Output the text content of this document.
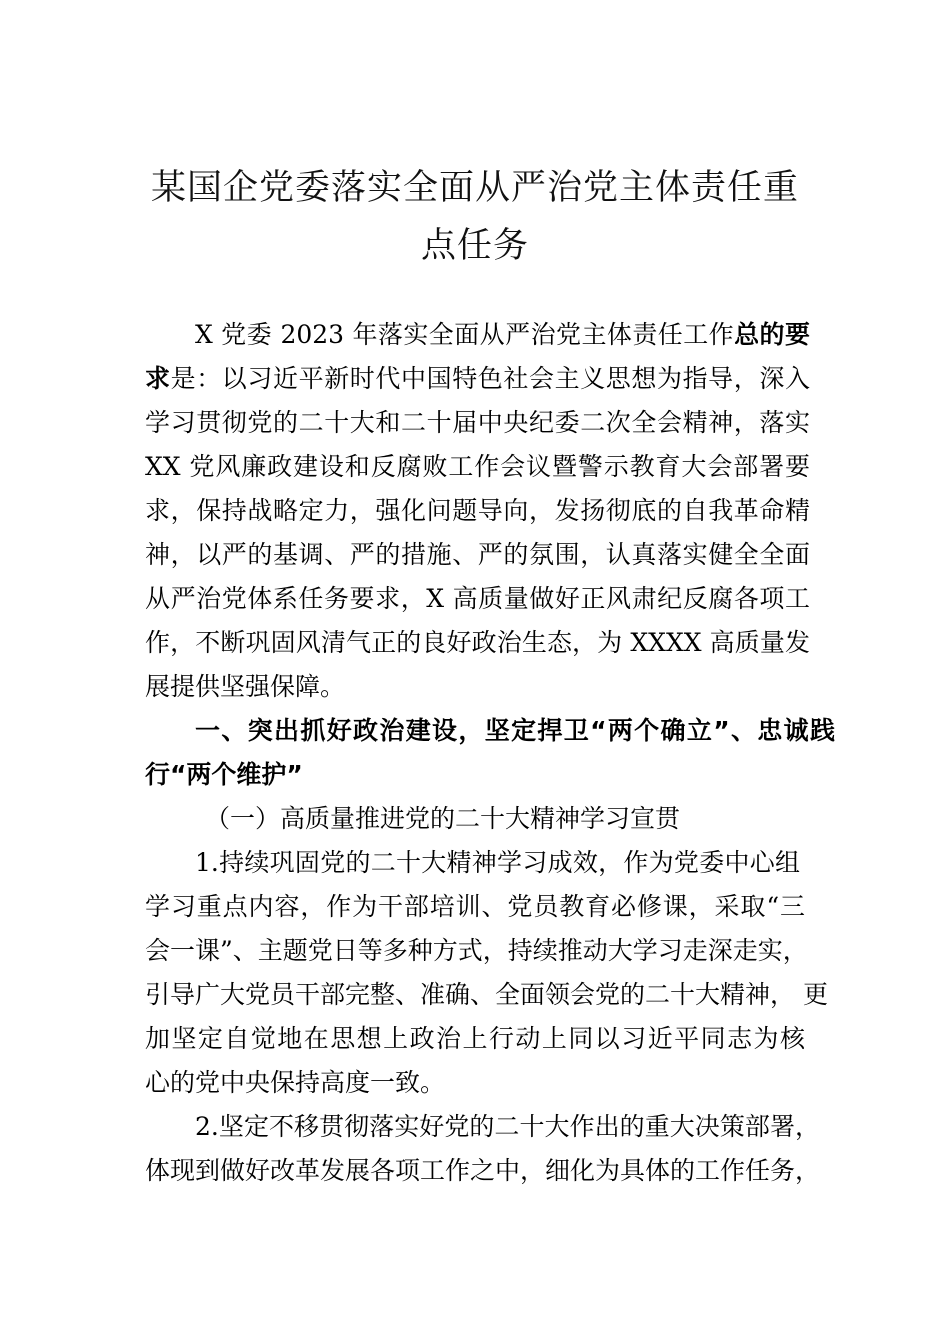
某国企党委落实全面从严治党主体责任重
点任务
X 党委 2023 年落实全面从严治党主体责任工作总的要
求是：以习近平新时代中国特色社会主义思想为指导，深入
学习贯彻党的二十大和二十届中央纪委二次全会精神，落实
XX 党风廉政建设和反腐败工作会议暨警示教育大会部署要
求，保持战略定力，强化问题导向，发扬彻底的自我革命精
神，以严的基调、严的措施、严的氛围，认真落实健全全面
从严治党体系任务要求，X 高质量做好正风肃纪反腐各项工
作，不断巩固风清气正的良好政治生态，为 XXXX 高质量发
展提供坚强保障。
一、突出抓好政治建设，坚定捍卫“两个确立”、忠诚践
行“两个维护”
（一）高质量推进党的二十大精神学习宣贯
1.持续巩固党的二十大精神学习成效，作为党委中心组
学习重点内容，作为干部培训、党员教育必修课，采取“三
会一课”、主题党日等多种方式，持续推动大学习走深走实，
引导广大党员干部完整、准确、全面领会党的二十大精神， 更
加坚定自觉地在思想上政治上行动上同以习近平同志为核
心的党中央保持高度一致。
2.坚定不移贯彻落实好党的二十大作出的重大决策部署，
体现到做好改革发展各项工作之中，细化为具体的工作任务，
